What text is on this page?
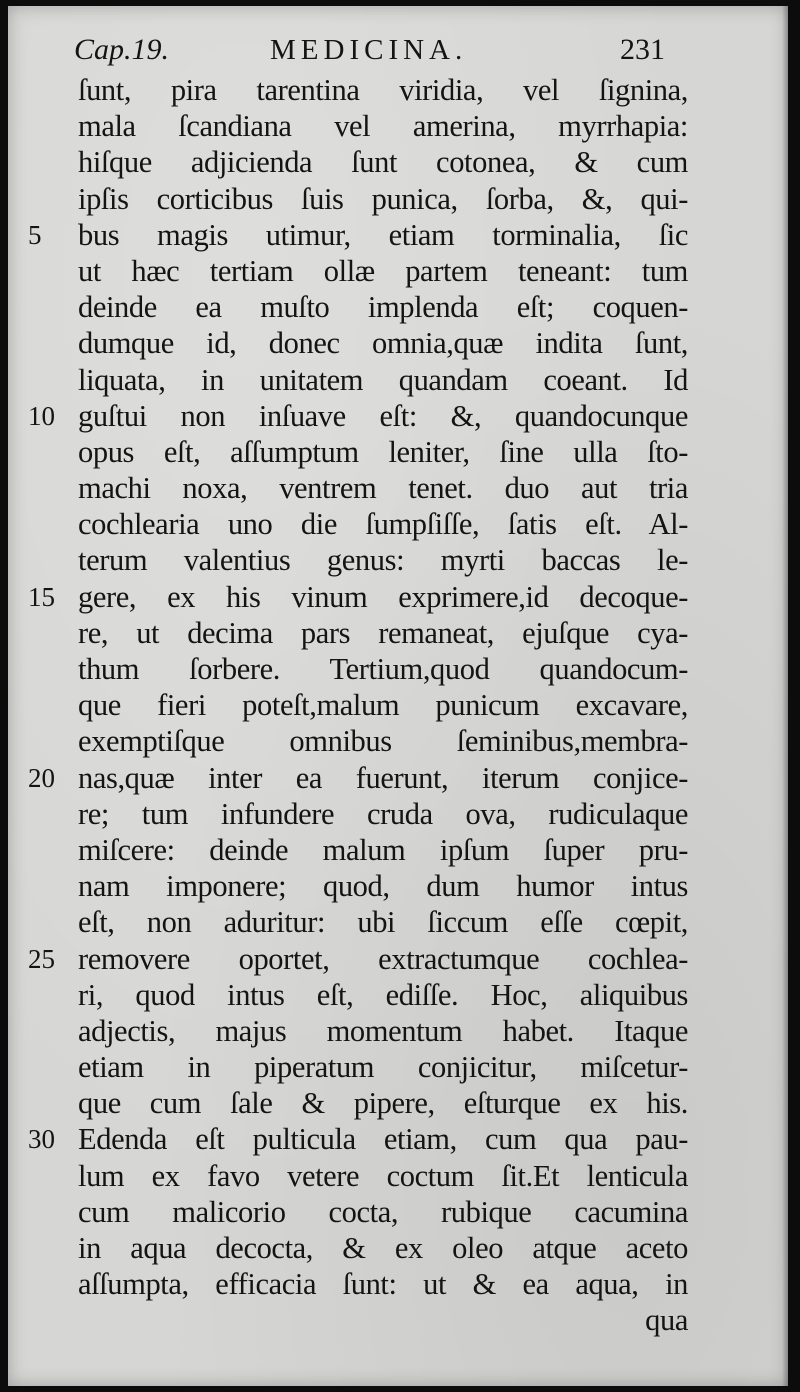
Cap.19.	MEDICINA.	231
ſunt, pira tarentina viridia, vel ſignina,
mala ſcandiana vel amerina, myrrhapia:
hiſque adjicienda ſunt cotonea, & cum
ipſis corticibus ſuis punica, ſorba, &, qui-
5	bus magis utimur, etiam torminalia, ſic
ut hæc tertiam ollæ partem teneant: tum
deinde ea muſto implenda eſt; coquen-
dumque id, donec omnia,quæ indita ſunt,
liquata, in unitatem quandam coeant. Id
10 guſtui non inſuave eſt: &, quandocunque
opus eſt, aſſumptum leniter, ſine ulla ſto-
machi noxa, ventrem tenet. duo aut tria
cochlearia uno die ſumpſiſſe, ſatis eſt. Al-
terum valentius genus: myrti baccas le-
15 gere, ex his vinum exprimere,id decoque-
re, ut decima pars remaneat, ejuſque cya-
thum ſorbere. Tertium,quod quandocum-
que fieri poteſt,malum punicum excavare,
exemptiſque omnibus ſeminibus,membra-
20 nas,quæ inter ea fuerunt, iterum conjice-
re; tum infundere cruda ova, rudiculaque
miſcere: deinde malum ipſum ſuper pru-
nam imponere; quod, dum humor intus
eſt, non aduritur: ubi ſiccum eſſe cœpit,
25 removere oportet, extractumque cochlea-
ri, quod intus eſt, ediſſe. Hoc, aliquibus
adjectis, majus momentum habet. Itaque
etiam in piperatum conjicitur, miſcetur-
que cum ſale & pipere, eſturque ex his.
30 Edenda eſt pulticula etiam, cum qua pau-
lum ex favo vetere coctum ſit.Et lenticula
cum malicorio cocta, rubique cacumina
in aqua decocta, & ex oleo atque aceto
aſſumpta, efficacia ſunt: ut & ea aqua, in
qua
